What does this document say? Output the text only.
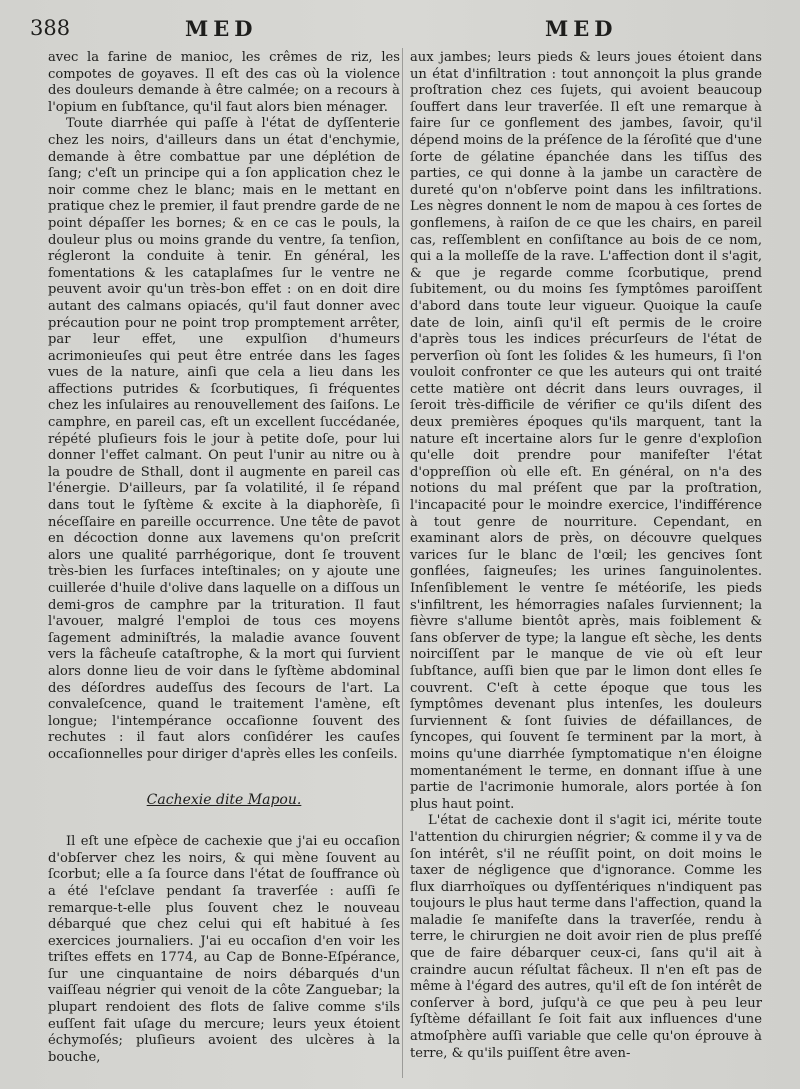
388	MED	MED

avec la farine de manioc, les crêmes de riz, les compotes de goyaves. Il eſt des cas où la violence des douleurs demande à être calmée; on a recours à l'opium en ſubſtance, qu'il faut alors bien ménager.

Toute diarrhée qui paſſe à l'état de dyſſenterie chez les noirs, d'ailleurs dans un état d'enchymie, demande à être combattue par une déplétion de ſang; c'eſt un principe qui a ſon application chez le noir comme chez le blanc; mais en le mettant en pratique chez le premier, il faut prendre garde de ne point dépaſſer les bornes; & en ce cas le pouls, la douleur plus ou moins grande du ventre, ſa tenſion, régleront la conduite à tenir. En général, les fomentations & les cataplaſmes ſur le ventre ne peuvent avoir qu'un très-bon effet : on en doit dire autant des calmans opiacés, qu'il faut donner avec précaution pour ne point trop promptement arrêter, par leur effet, une expulſion d'humeurs acrimonieuſes qui peut être entrée dans les ſages vues de la nature, ainſi que cela a lieu dans les affections putrides & ſcorbutiques, ſi fréquentes chez les inſulaires au renouvellement des ſaiſons. Le camphre, en pareil cas, eſt un excellent ſuccédanée, répété pluſieurs fois le jour à petite doſe, pour lui donner l'effet calmant. On peut l'unir au nitre ou à la poudre de Sthall, dont il augmente en pareil cas l'énergie. D'ailleurs, par ſa volatilité, il ſe répand dans tout le ſyſtème & excite à la diaphorèſe, ſi néceſſaire en pareille occurrence. Une tête de pavot en décoction donne aux lavemens qu'on preſcrit alors une qualité parrhégorique, dont ſe trouvent très-bien les ſurfaces inteſtinales; on y ajoute une cuillerée d'huile d'olive dans laquelle on a diſſous un demi-gros de camphre par la trituration. Il faut l'avouer, malgré l'emploi de tous ces moyens ſagement adminiſtrés, la maladie avance ſouvent vers la fâcheuſe cataſtrophe, & la mort qui ſurvient alors donne lieu de voir dans le ſyſtème abdominal des déſordres audeſſus des ſecours de l'art. La convaleſcence, quand le traitement l'amène, eſt longue; l'intempérance occaſionne ſouvent des rechutes : il faut alors conſidérer les cauſes occaſionnelles pour diriger d'après elles les conſeils.

Cachexie dite Mapou.

Il eſt une eſpèce de cachexie que j'ai eu occaſion d'obſerver chez les noirs, & qui mène ſouvent au ſcorbut; elle a ſa ſource dans l'état de ſouffrance où a été l'eſclave pendant ſa traverſée : auſſi ſe remarque-t-elle plus ſouvent chez le nouveau débarqué que chez celui qui eſt habitué à ſes exercices journaliers. J'ai eu occaſion d'en voir les triſtes effets en 1774, au Cap de Bonne-Eſpérance, ſur une cinquantaine de noirs débarqués d'un vaiſſeau négrier qui venoit de la côte Zanguebar; la plupart rendoient des flots de ſalive comme s'ils euſſent fait uſage du mercure; leurs yeux étoient échymoſés; pluſieurs avoient des ulcères à la bouche,

aux jambes; leurs pieds & leurs joues étoient dans un état d'infiltration : tout annonçoit la plus grande proſtration chez ces ſujets, qui avoient beaucoup ſouffert dans leur traverſée. Il eſt une remarque à faire ſur ce gonflement des jambes, ſavoir, qu'il dépend moins de la préſence de la ſéroſité que d'une ſorte de gélatine épanchée dans les tiſſus des parties, ce qui donne à la jambe un caractère de dureté qu'on n'obſerve point dans les infiltrations. Les nègres donnent le nom de mapou à ces ſortes de gonflemens, à raiſon de ce que les chairs, en pareil cas, reſſemblent en conſiſtance au bois de ce nom, qui a la molleſſe de la rave. L'affection dont il s'agit, & que je regarde comme ſcorbutique, prend ſubitement, ou du moins ſes ſymptômes paroiſſent d'abord dans toute leur vigueur. Quoique la cauſe date de loin, ainſi qu'il eſt permis de le croire d'après tous les indices précurſeurs de l'état de perverſion où ſont les ſolides & les humeurs, ſi l'on vouloit confronter ce que les auteurs qui ont traité cette matière ont décrit dans leurs ouvrages, il ſeroit très-difficile de vérifier ce qu'ils diſent des deux premières époques qu'ils marquent, tant la nature eſt incertaine alors ſur le genre d'exploſion qu'elle doit prendre pour manifeſter l'état d'oppreſſion où elle eſt. En général, on n'a des notions du mal préſent que par la proſtration, l'incapacité pour le moindre exercice, l'indifférence à tout genre de nourriture. Cependant, en examinant alors de près, on découvre quelques varices ſur le blanc de l'œil; les gencives ſont gonflées, ſaigneuſes; les urines ſanguinolentes. Inſenſiblement le ventre ſe météoriſe, les pieds s'infiltrent, les hémorragies naſales ſurviennent; la fièvre s'allume bientôt après, mais foiblement & ſans obſerver de type; la langue eſt sèche, les dents noirciſſent par le manque de vie où eſt leur ſubſtance, auſſi bien que par le limon dont elles ſe couvrent. C'eſt à cette époque que tous les ſymptômes devenant plus intenſes, les douleurs ſurviennent & ſont ſuivies de défaillances, de ſyncopes, qui ſouvent ſe terminent par la mort, à moins qu'une diarrhée ſymptomatique n'en éloigne momentanément le terme, en donnant iſſue à une partie de l'acrimonie humorale, alors portée à ſon plus haut point.

L'état de cachexie dont il s'agit ici, mérite toute l'attention du chirurgien négrier; & comme il y va de ſon intérêt, s'il ne réuſſit point, on doit moins le taxer de négligence que d'ignorance. Comme les flux diarrhoïques ou dyſſentériques n'indiquent pas toujours le plus haut terme dans l'affection, quand la maladie ſe manifeſte dans la traverſée, rendu à terre, le chirurgien ne doit avoir rien de plus preſſé que de faire débarquer ceux-ci, ſans qu'il ait à craindre aucun réſultat fâcheux. Il n'en eſt pas de même à l'égard des autres, qu'il eſt de ſon intérêt de conſerver à bord, juſqu'à ce que peu à peu leur ſyſtème défaillant ſe ſoit fait aux influences d'une atmoſphère auſſi variable que celle qu'on éprouve à terre, & qu'ils puiſſent être aven-
